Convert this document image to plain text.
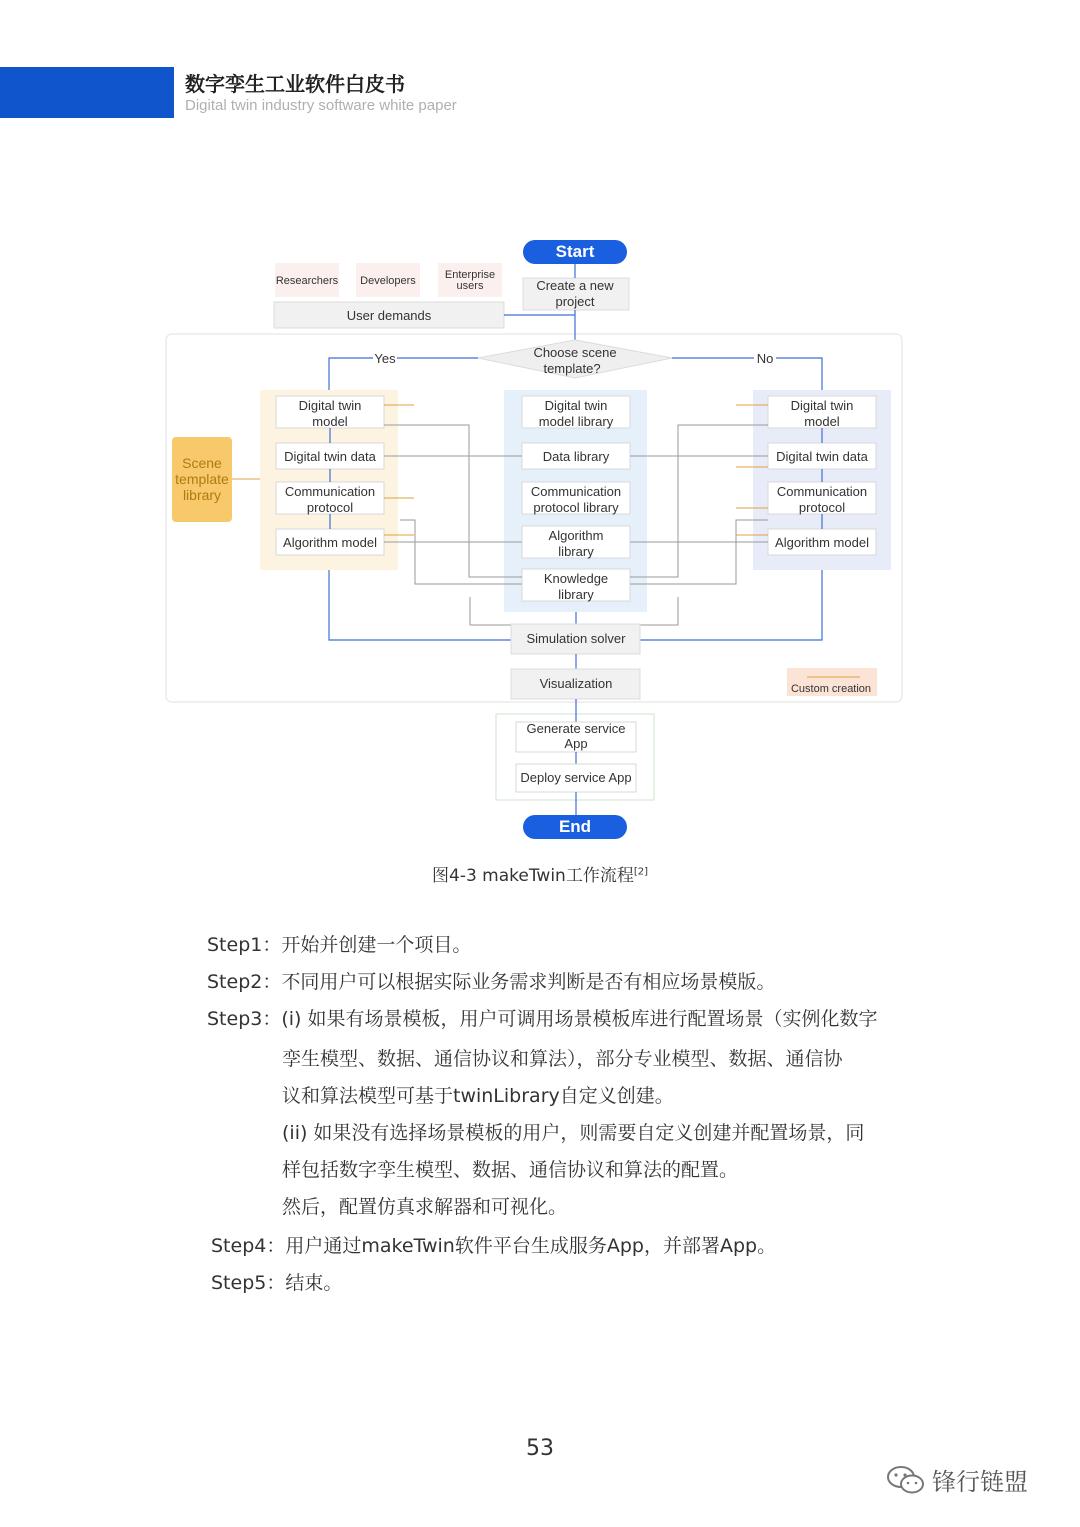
数字孪生工业软件白皮书
Digital twin industry software white paper
Start
Create a new
project
Researchers Developers	Enterprise
users
User demands
Choose scene
template?
Yes	No
Scene
template
library
Digital twin
model
Digital twin data
Communication
protocol
Algorithm model
Digital twin
model library
Data library
Communication
protocol library
Algorithm
library
Knowledge
library
Digital twin
model
Digital twin data
Communication
protocol
Algorithm model
Simulation solver
Visualization	Custom creation
Generate service
App
Deploy service App
End
图4-3 makeTwin工作流程[2]
Step1：开始并创建一个项目。
Step2：不同用户可以根据实际业务需求判断是否有相应场景模版。
Step3：(i) 如果有场景模板，用户可调用场景模板库进行配置场景（实例化数字
孪生模型、数据、通信协议和算法），部分专业模型、数据、通信协
议和算法模型可基于twinLibrary自定义创建。
(ii) 如果没有选择场景模板的用户，则需要自定义创建并配置场景，同
样包括数字孪生模型、数据、通信协议和算法的配置。
然后，配置仿真求解器和可视化。
Step4：用户通过makeTwin软件平台生成服务App，并部署App。
Step5：结束。
53
锋行链盟
